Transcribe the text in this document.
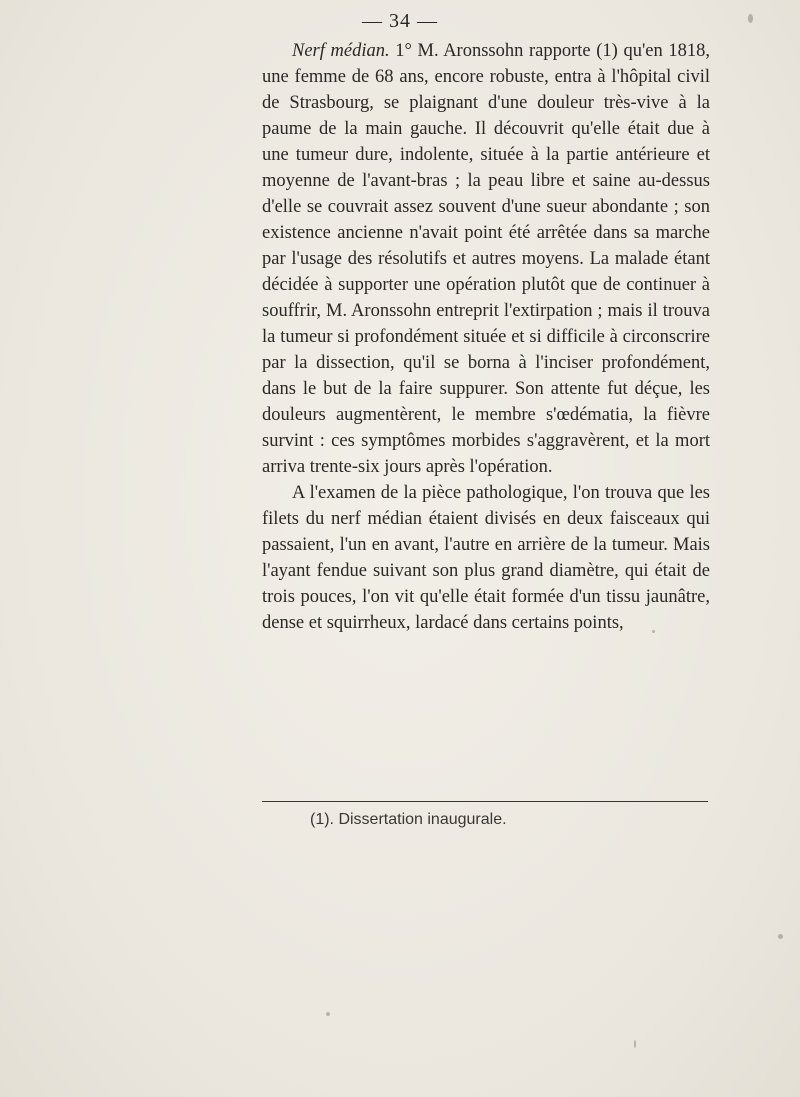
— 34 —

Nerf médian. 1° M. Aronssohn rapporte (1) qu'en 1818, une femme de 68 ans, encore robuste, entra à l'hôpital civil de Strasbourg, se plaignant d'une douleur très-vive à la paume de la main gauche. Il découvrit qu'elle était due à une tumeur dure, indolente, située à la partie antérieure et moyenne de l'avant-bras ; la peau libre et saine au-dessus d'elle se couvrait assez souvent d'une sueur abondante ; son existence ancienne n'avait point été arrêtée dans sa marche par l'usage des résolutifs et autres moyens. La malade étant décidée à supporter une opération plutôt que de continuer à souffrir, M. Aronssohn entreprit l'extirpation ; mais il trouva la tumeur si profondément située et si difficile à circonscrire par la dissection, qu'il se borna à l'inciser profondément, dans le but de la faire suppurer. Son attente fut déçue, les douleurs augmentèrent, le membre s'œdématia, la fièvre survint : ces symptômes morbides s'aggravèrent, et la mort arriva trente-six jours après l'opération.

A l'examen de la pièce pathologique, l'on trouva que les filets du nerf médian étaient divisés en deux faisceaux qui passaient, l'un en avant, l'autre en arrière de la tumeur. Mais l'ayant fendue suivant son plus grand diamètre, qui était de trois pouces, l'on vit qu'elle était formée d'un tissu jaunâtre, dense et squirrheux, lardacé dans certains points,

(1). Dissertation inaugurale.
